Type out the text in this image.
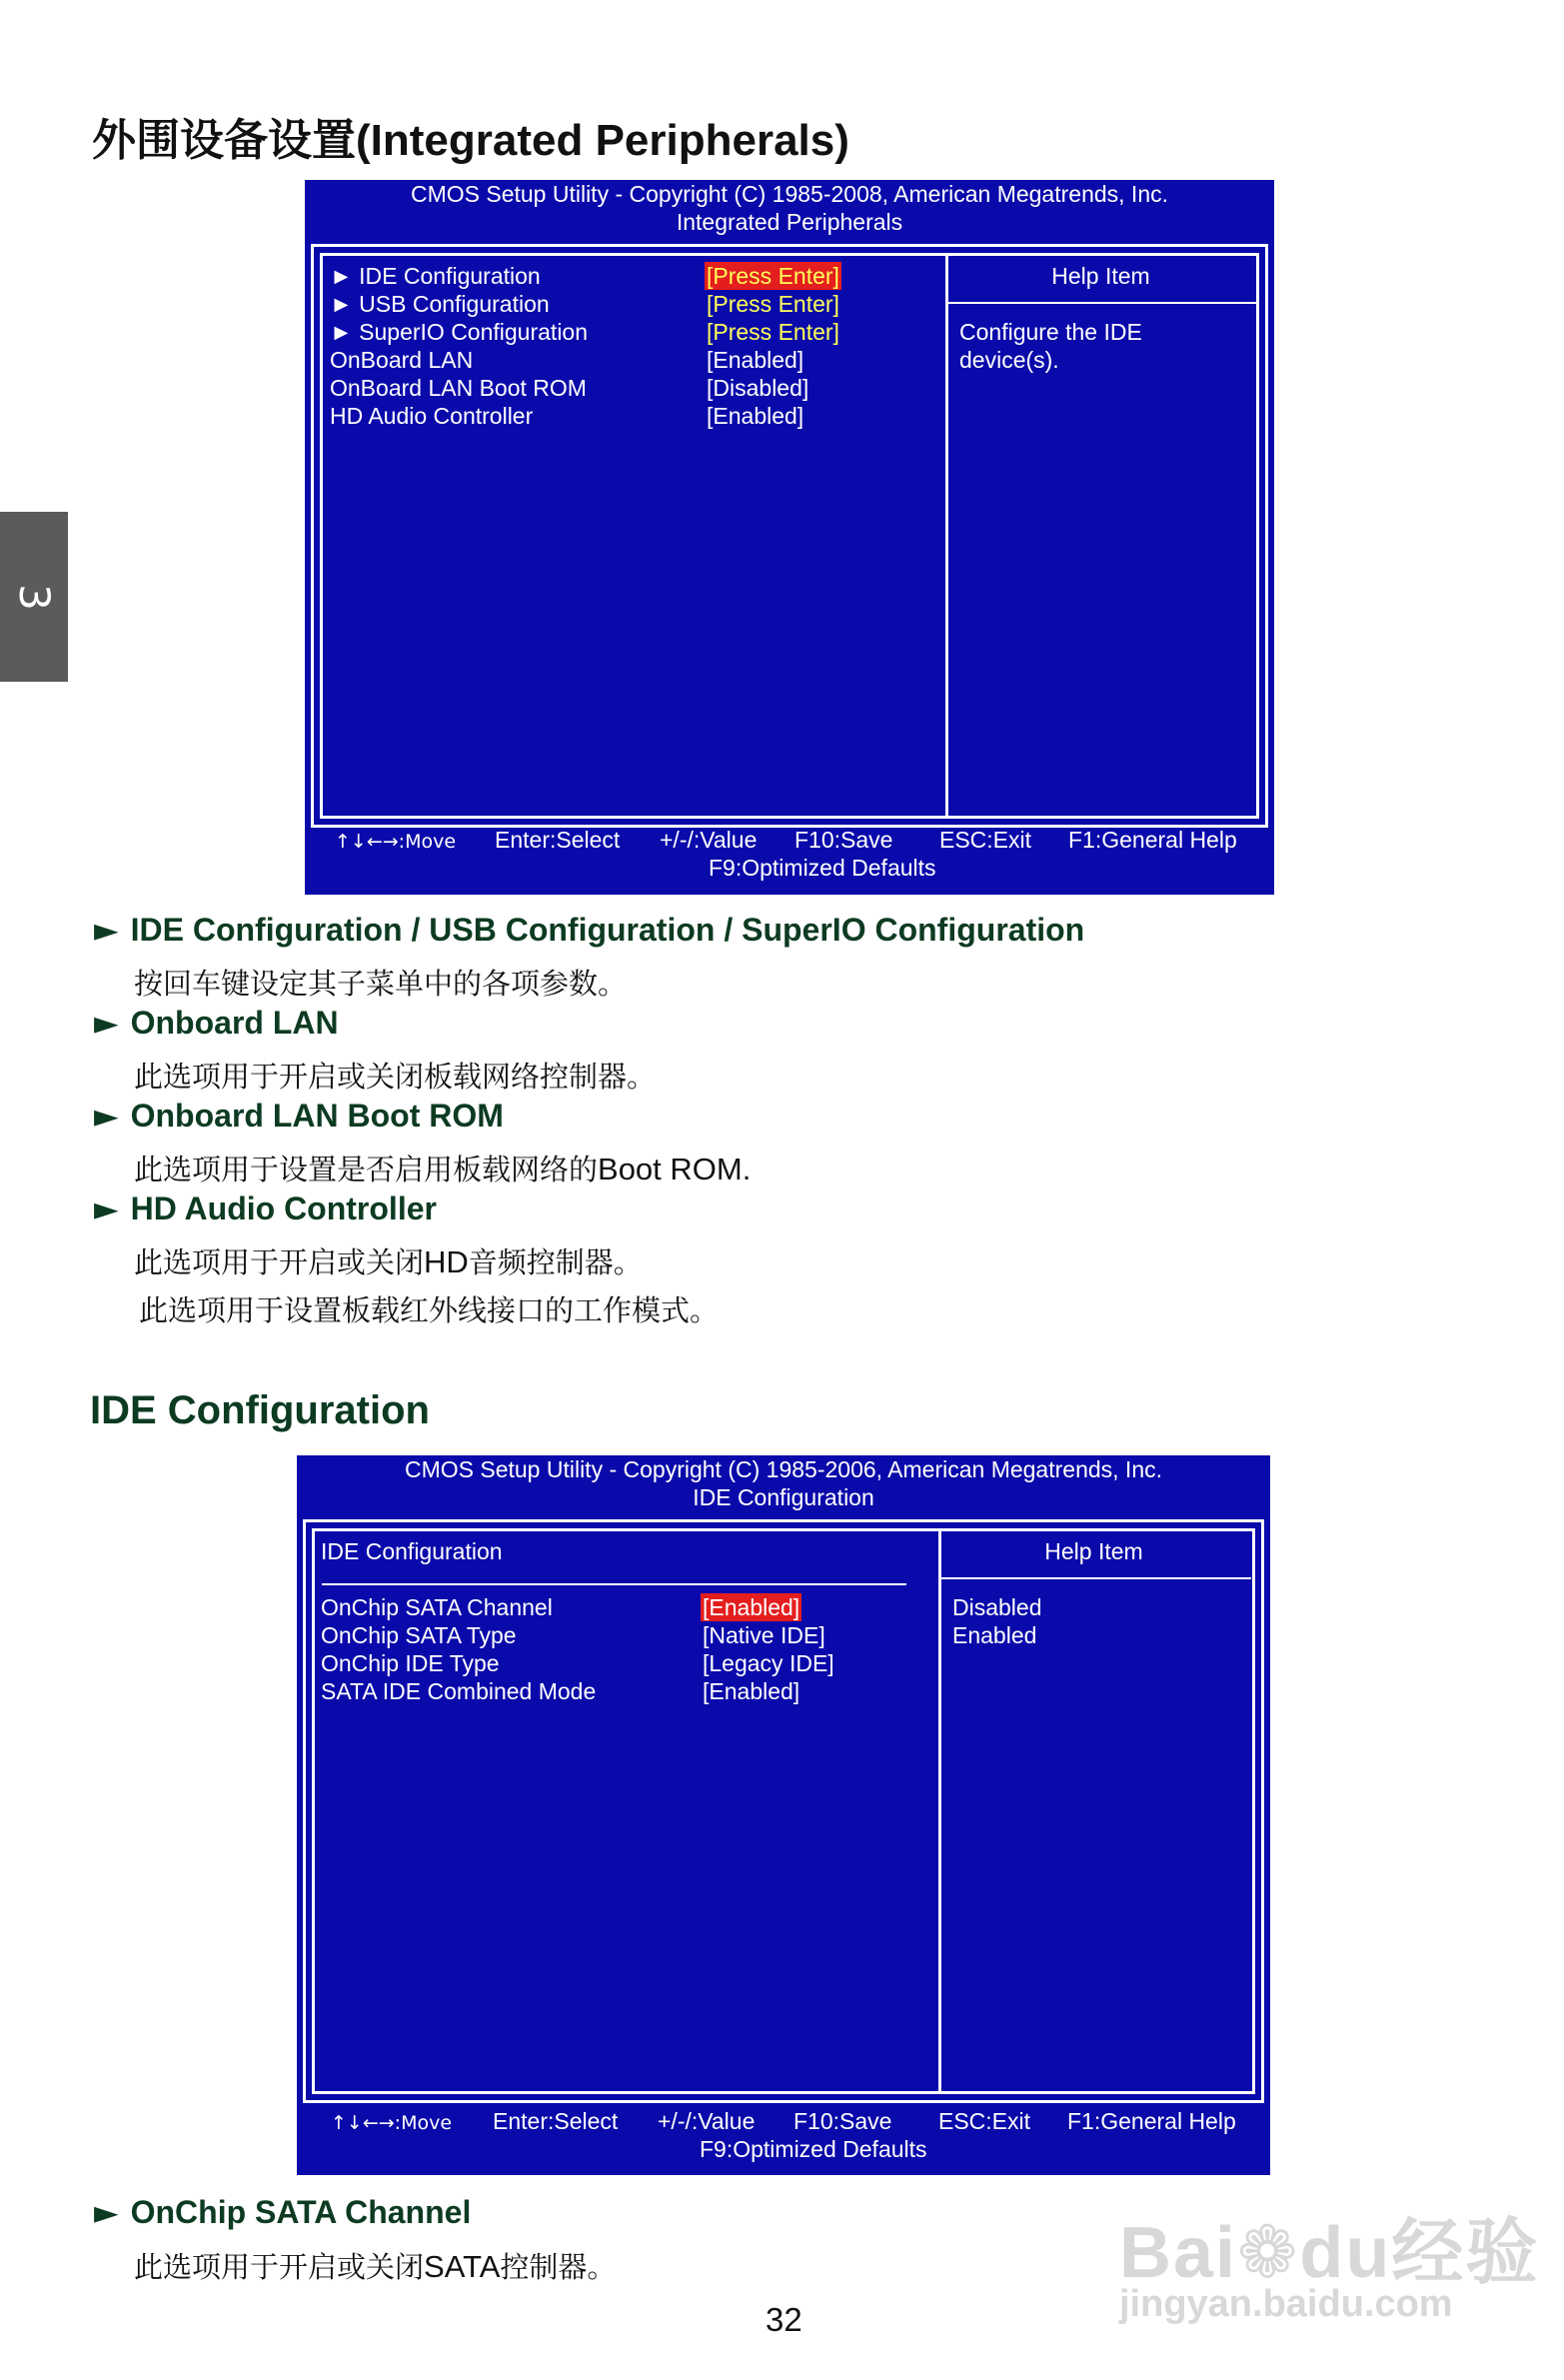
3
外围设备设置(Integrated Peripherals)
CMOS Setup Utility - Copyright (C) 1985-2008, American Megatrends, Inc.
Integrated Peripherals
► IDE Configuration	[Press Enter]
► USB Configuration	[Press Enter]
► SuperIO Configuration	[Press Enter]
OnBoard LAN	[Enabled]
OnBoard LAN Boot ROM	[Disabled]
HD Audio Controller	[Enabled]
Help Item
Configure the IDE
device(s).
↑↓←→:Move Enter:Select +/-/:Value F10:Save ESC:Exit F1:General Help
F9:Optimized Defaults
► IDE Configuration / USB Configuration / SuperIO Configuration
按回车键设定其子菜单中的各项参数。
► Onboard LAN
此选项用于开启或关闭板载网络控制器。
► Onboard LAN Boot ROM
此选项用于设置是否启用板载网络的Boot ROM.
► HD Audio Controller
此选项用于开启或关闭HD音频控制器。
此选项用于设置板载红外线接口的工作模式。
IDE Configuration
CMOS Setup Utility - Copyright (C) 1985-2006, American Megatrends, Inc.
IDE Configuration
IDE Configuration
OnChip SATA Channel	[Enabled]
OnChip SATA Type	[Native IDE]
OnChip IDE Type	[Legacy IDE]
SATA IDE Combined Mode	[Enabled]
Help Item
Disabled
Enabled
↑↓←→:Move Enter:Select +/-/:Value F10:Save ESC:Exit F1:General Help
F9:Optimized Defaults
► OnChip SATA Channel
此选项用于开启或关闭SATA控制器。
32
Bai❁du经验
jingyan.baidu.com
